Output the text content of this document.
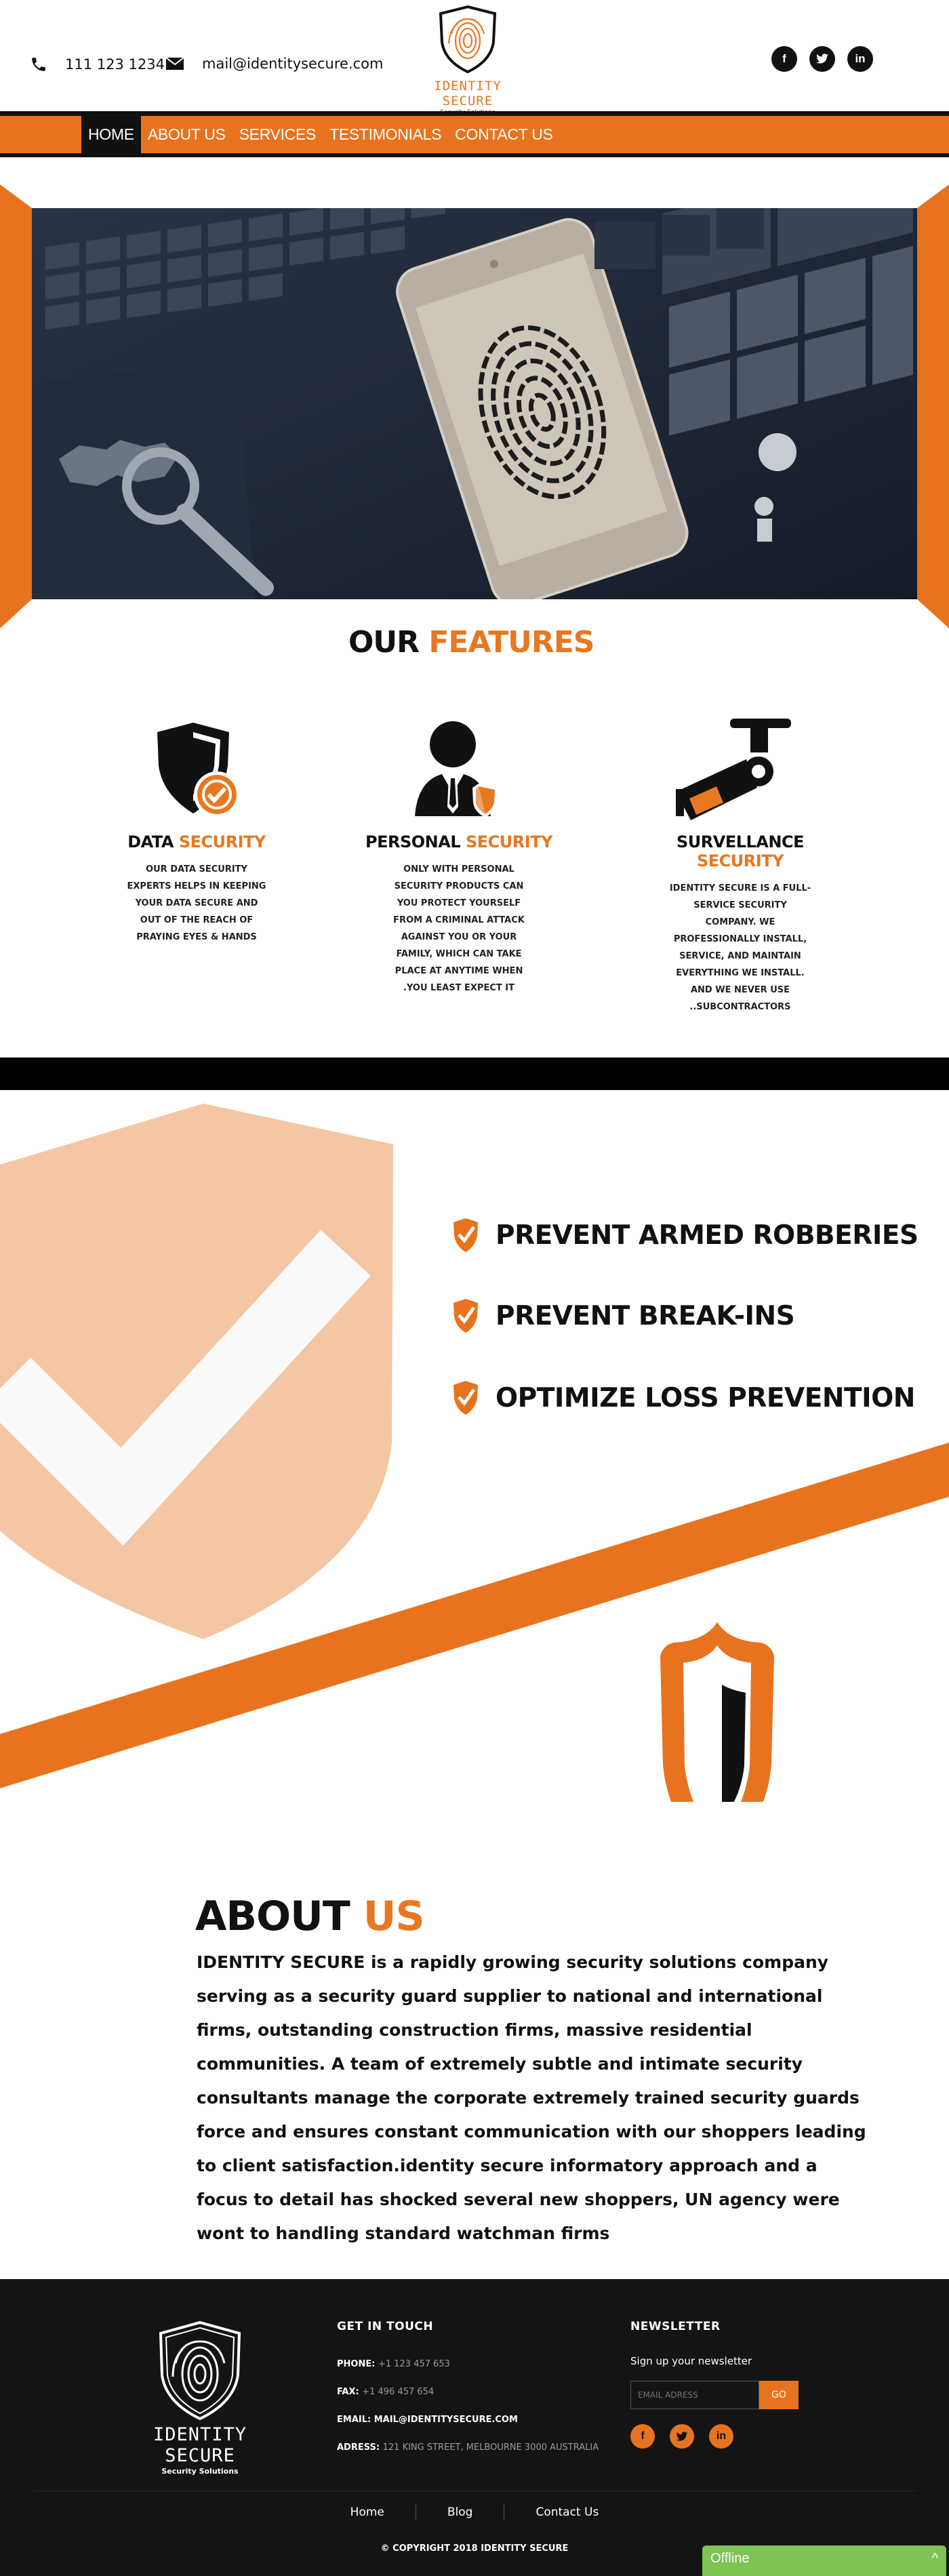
111 123 1234	mail@identitysecure.com
IDENTITY SECURE
f	in
HOME ABOUT US SERVICES TESTIMONIALS CONTACT US
OUR FEATURES
DATA SECURITY

OUR DATA SECURITY EXPERTS HELPS IN KEEPING YOUR DATA SECURE AND OUT OF THE REACH OF PRAYING EYES & HANDS

PERSONAL SECURITY

ONLY WITH PERSONAL SECURITY PRODUCTS CAN YOU PROTECT YOURSELF FROM A CRIMINAL ATTACK AGAINST YOU OR YOUR FAMILY, WHICH CAN TAKE PLACE AT ANYTIME WHEN .YOU LEAST EXPECT IT

SURVELLANCE SECURITY

IDENTITY SECURE IS A FULL-SERVICE SECURITY COMPANY. WE PROFESSIONALLY INSTALL, SERVICE, AND MAINTAIN EVERYTHING WE INSTALL. AND WE NEVER USE ..SUBCONTRACTORS

PREVENT ARMED ROBBERIES
PREVENT BREAK-INS
OPTIMIZE LOSS PREVENTION
ABOUT US

IDENTITY SECURE is a rapidly growing security solutions company serving as a security guard supplier to national and international firms, outstanding construction firms, massive residential communities. A team of extremely subtle and intimate security consultants manage the corporate extremely trained security guards force and ensures constant communication with our shoppers leading to client satisfaction.identity secure informatory approach and a focus to detail has shocked several new shoppers, UN agency were wont to handling standard watchman firms

IDENTITY SECURE
Security Solutions
GET IN TOUCH
PHONE: +1 123 457 653
FAX: +1 496 457 654
EMAIL: MAIL@IDENTITYSECURE.COM
ADRESS: 121 KING STREET, MELBOURNE 3000 AUSTRALIA
NEWSLETTER
Sign up your newsletter
EMAIL ADRESS
GO
f	in
Home	Blog	Contact Us
© COPYRIGHT 2018 IDENTITY SECURE
Offline	^
